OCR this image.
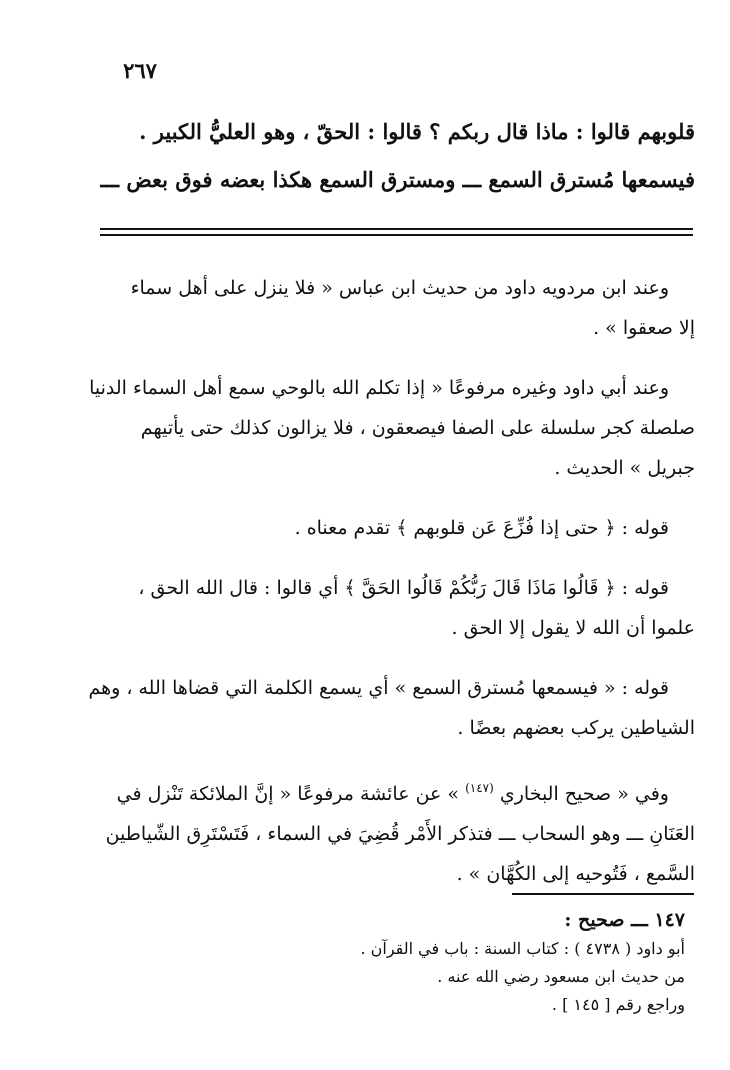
٢٦٧
قلوبهم قالوا : ماذا قال ربكم ؟ قالوا : الحقّ ، وهو العليُّ الكبير .
فيسمعها مُسترق السمع ـــ ومسترق السمع هكذا بعضه فوق بعض ـــ

وعند ابن مردويه داود من حديث ابن عباس « فلا ينزل على أهل سماء
إلا صعقوا » .

وعند أبي داود وغيره مرفوعًا « إذا تكلم الله بالوحي سمع أهل السماء الدنيا
صلصلة كجر سلسلة على الصفا فيصعقون ، فلا يزالون كذلك حتى يأتيهم
جبريل » الحديث .

قوله : ﴿ حتى إذا فُزِّعَ عَن قلوبهم ﴾ تقدم معناه .

قوله : ﴿ قَالُوا مَاذَا قَالَ رَبُّكُمْ قَالُوا الحَقَّ ﴾ أي قالوا : قال الله الحق ،
علموا أن الله لا يقول إلا الحق .

قوله : « فيسمعها مُسترق السمع » أي يسمع الكلمة التي قضاها الله ، وهم
الشياطين يركب بعضهم بعضًا .

وفي « صحيح البخاري $^{(١٤٧)}$ » عن عائشة مرفوعًا « إنَّ الملائكة تَنْزل في
العَنَانِ ـــ وهو السحاب ـــ فتذكر الأَمْر قُضِيَ في السماء ، فَتَسْتَرِق الشّياطين
السَّمع ، فَتُوحيه إلى الكُهَّان » .

١٤٧ ـــ صحيح :
أبو داود ( ٤٧٣٨ ) : كتاب السنة : باب في القرآن .
من حديث ابن مسعود رضي الله عنه .
وراجع رقم [ ١٤٥ ] .
